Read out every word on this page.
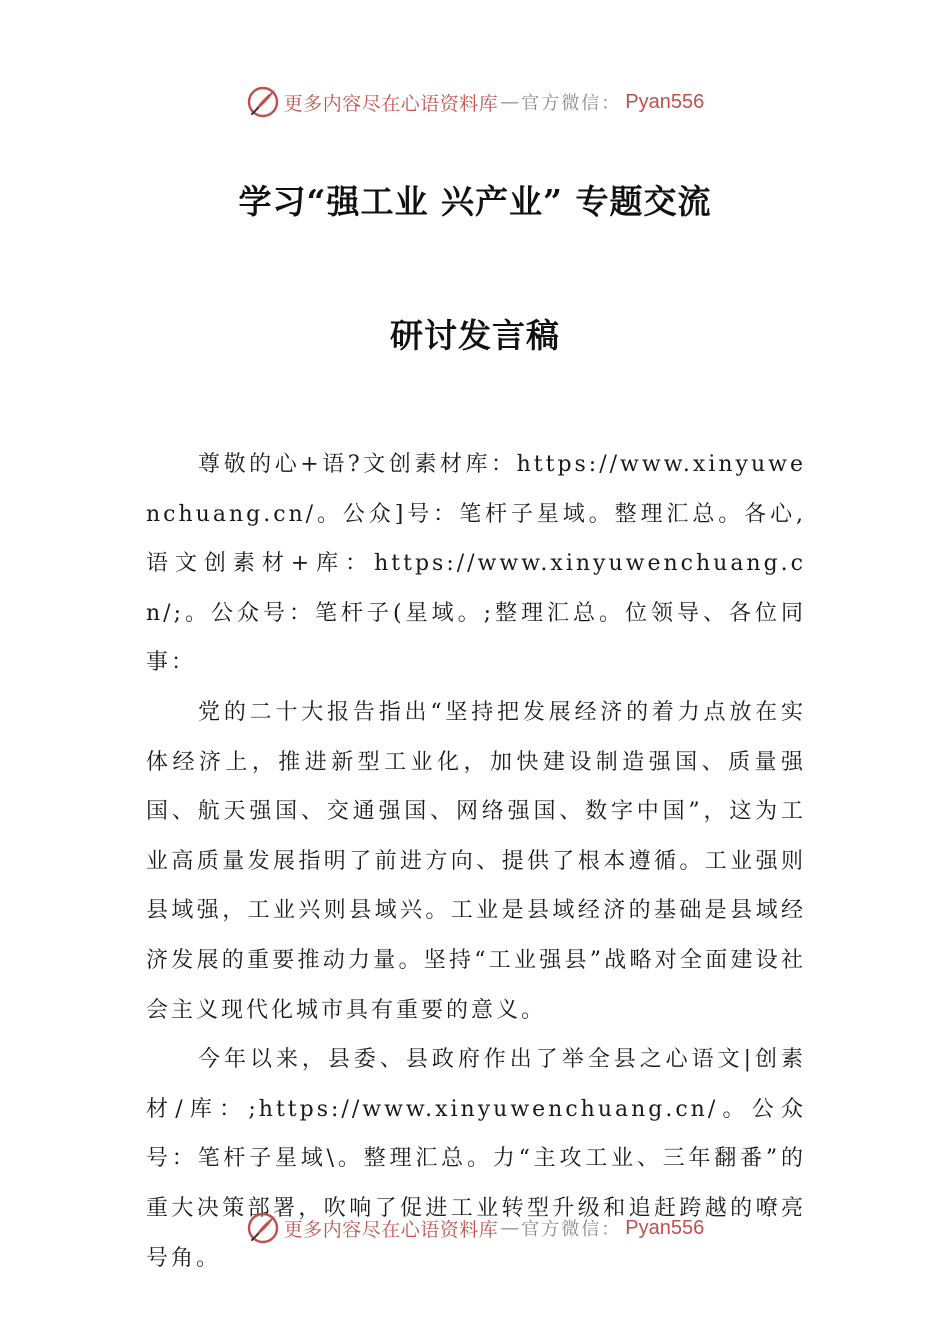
更多内容尽在心语资料库 — 官方微信： Pyan556
学习“强工业 兴产业” 专题交流
研讨发言稿

尊敬的心+语?文创素材库：https://www.xinyuwenchuang.cn/。公众]号：笔杆子星域。整理汇总。各心,语文创素材+库：https://www.xinyuwenchuang.cn/;。公众号：笔杆子(星域。;整理汇总。位领导、各位同事：

党的二十大报告指出“坚持把发展经济的着力点放在实体经济上，推进新型工业化，加快建设制造强国、质量强国、航天强国、交通强国、网络强国、数字中国”，这为工业高质量发展指明了前进方向、提供了根本遵循。工业强则县域强，工业兴则县域兴。工业是县域经济的基础是县域经济发展的重要推动力量。坚持“工业强县”战略对全面建设社会主义现代化城市具有重要的意义。

今年以来，县委、县政府作出了举全县之心语文|创素材/库：;https://www.xinyuwenchuang.cn/。公众号：笔杆子星域\。整理汇总。力“主攻工业、三年翻番”的重大决策部署，吹响了促进工业转型升级和追赶跨越的嘹亮号角。

更多内容尽在心语资料库 — 官方微信： Pyan556
